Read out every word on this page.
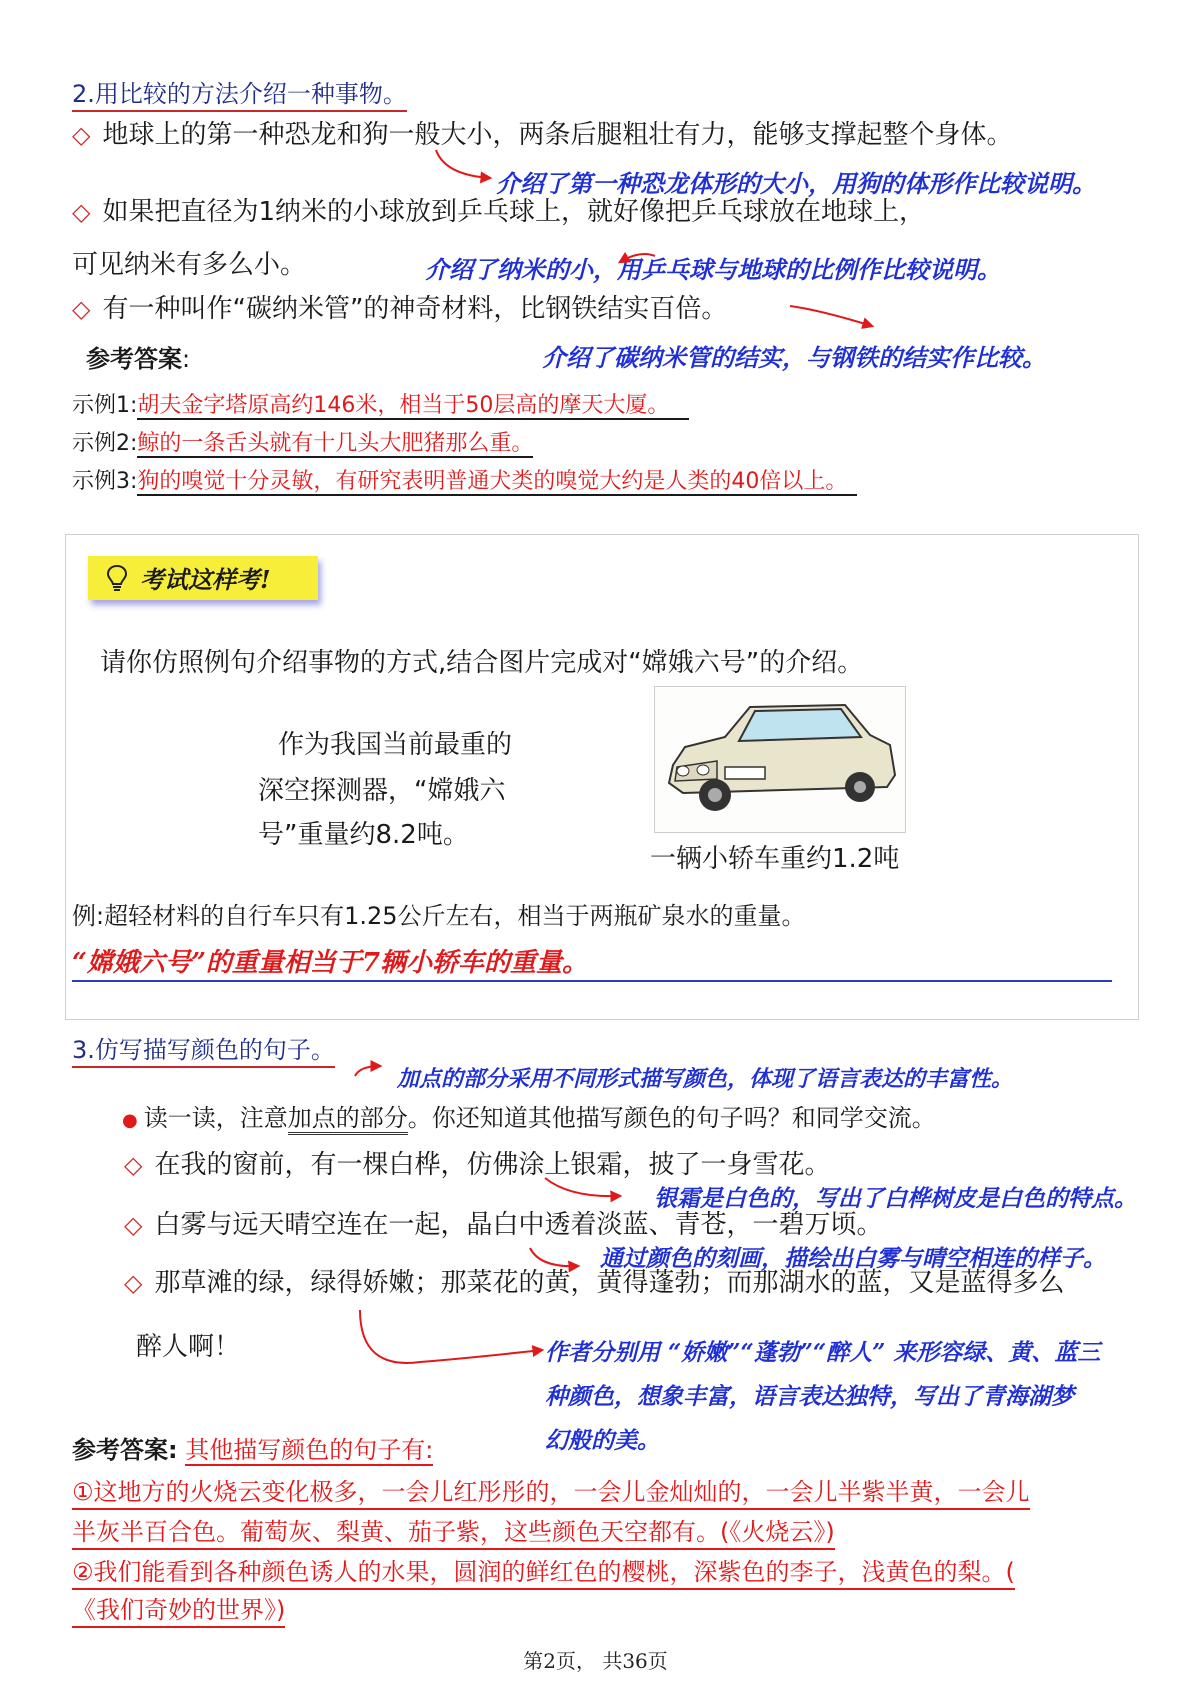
2.用比较的方法介绍一种事物。
◇ 地球上的第一种恐龙和狗一般大小，两条后腿粗壮有力，能够支撑起整个身体。
介绍了第一种恐龙体形的大小，用狗的体形作比较说明。
◇ 如果把直径为1纳米的小球放到乒乓球上，就好像把乒乓球放在地球上，
可见纳米有多么小。	介绍了纳米的小，用乒乓球与地球的比例作比较说明。
◇ 有一种叫作“碳纳米管”的神奇材料，比钢铁结实百倍。
介绍了碳纳米管的结实，与钢铁的结实作比较。
参考答案:
示例1:胡夫金字塔原高约146米，相当于50层高的摩天大厦。
示例2:鲸的一条舌头就有十几头大肥猪那么重。
示例3:狗的嗅觉十分灵敏，有研究表明普通犬类的嗅觉大约是人类的40倍以上。
考试这样考!
请你仿照例句介绍事物的方式,结合图片完成对“嫦娥六号”的介绍。
作为我国当前最重的
深空探测器，“嫦娥六
号”重量约8.2吨。
一辆小轿车重约1.2吨
例:超轻材料的自行车只有1.25公斤左右，相当于两瓶矿泉水的重量。
“嫦娥六号”的重量相当于7辆小轿车的重量。
3.仿写描写颜色的句子。
加点的部分采用不同形式描写颜色，体现了语言表达的丰富性。
● 读一读，注意加点的部分。你还知道其他描写颜色的句子吗？和同学交流。
◇ 在我的窗前，有一棵白桦，仿佛涂上银霜，披了一身雪花。
银霜是白色的，写出了白桦树皮是白色的特点。
◇ 白雾与远天晴空连在一起，晶白中透着淡蓝、青苍，一碧万顷。
通过颜色的刻画，描绘出白雾与晴空相连的样子。
◇ 那草滩的绿，绿得娇嫩；那菜花的黄，黄得蓬勃；而那湖水的蓝，又是蓝得多么
醉人啊！	作者分别用 “娇嫩”“蓬勃”“醉人” 来形容绿、黄、蓝三
种颜色，想象丰富，语言表达独特，写出了青海湖梦
幻般的美。
参考答案: 其他描写颜色的句子有:
①这地方的火烧云变化极多，一会儿红彤彤的，一会儿金灿灿的，一会儿半紫半黄，一会儿
半灰半百合色。葡萄灰、梨黄、茄子紫，这些颜色天空都有。(《火烧云》)
②我们能看到各种颜色诱人的水果，圆润的鲜红色的樱桃，深紫色的李子，浅黄色的梨。(
《我们奇妙的世界》)
第2页， 共36页
